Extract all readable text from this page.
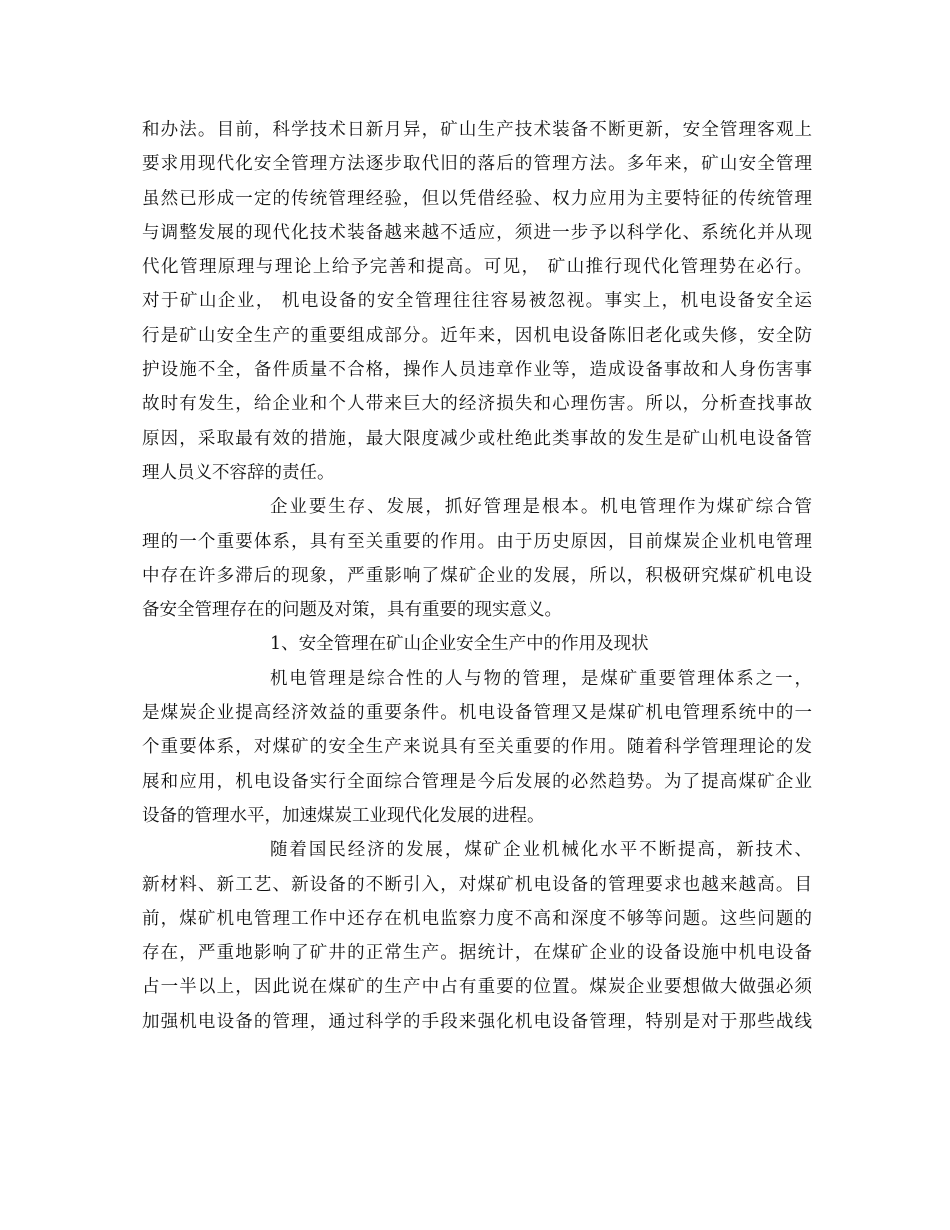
和办法。目前，科学技术日新月异，矿山生产技术装备不断更新，安全管理客观上
要求用现代化安全管理方法逐步取代旧的落后的管理方法。多年来，矿山安全管理
虽然已形成一定的传统管理经验，但以凭借经验、权力应用为主要特征的传统管理
与调整发展的现代化技术装备越来越不适应，须进一步予以科学化、系统化并从现
代化管理原理与理论上给予完善和提高。可见， 矿山推行现代化管理势在必行。
对于矿山企业， 机电设备的安全管理往往容易被忽视。事实上，机电设备安全运
行是矿山安全生产的重要组成部分。近年来，因机电设备陈旧老化或失修，安全防
护设施不全，备件质量不合格，操作人员违章作业等，造成设备事故和人身伤害事
故时有发生，给企业和个人带来巨大的经济损失和心理伤害。所以，分析查找事故
原因，采取最有效的措施，最大限度减少或杜绝此类事故的发生是矿山机电设备管
理人员义不容辞的责任。
企业要生存、发展，抓好管理是根本。机电管理作为煤矿综合管
理的一个重要体系，具有至关重要的作用。由于历史原因，目前煤炭企业机电管理
中存在许多滞后的现象，严重影响了煤矿企业的发展，所以，积极研究煤矿机电设
备安全管理存在的问题及对策，具有重要的现实意义。
1、安全管理在矿山企业安全生产中的作用及现状
机电管理是综合性的人与物的管理，是煤矿重要管理体系之一，
是煤炭企业提高经济效益的重要条件。机电设备管理又是煤矿机电管理系统中的一
个重要体系，对煤矿的安全生产来说具有至关重要的作用。随着科学管理理论的发
展和应用，机电设备实行全面综合管理是今后发展的必然趋势。为了提高煤矿企业
设备的管理水平，加速煤炭工业现代化发展的进程。
随着国民经济的发展，煤矿企业机械化水平不断提高，新技术、
新材料、新工艺、新设备的不断引入，对煤矿机电设备的管理要求也越来越高。目
前，煤矿机电管理工作中还存在机电监察力度不高和深度不够等问题。这些问题的
存在，严重地影响了矿井的正常生产。据统计，在煤矿企业的设备设施中机电设备
占一半以上，因此说在煤矿的生产中占有重要的位置。煤炭企业要想做大做强必须
加强机电设备的管理，通过科学的手段来强化机电设备管理，特别是对于那些战线
